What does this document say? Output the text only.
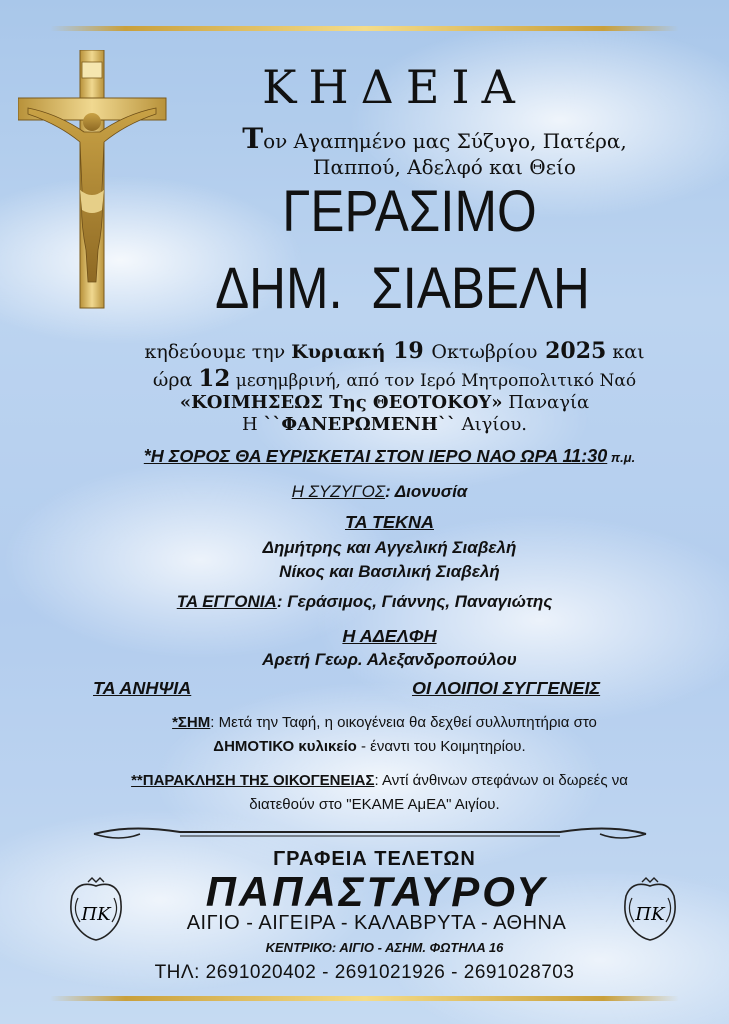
ΚΗΔΕΙΑ
Τον Αγαπημένο μας Σύζυγο, Πατέρα,
Παππού, Αδελφό και Θείο
ΓΕΡΑΣΙΜΟ
ΔΗΜ.  ΣΙΑΒΕΛΗ
κηδεύουμε την Κυριακή 19 Οκτωβρίου 2025 και
ώρα 12 μεσημβρινή, από τον Ιερό Μητροπολιτικό Ναό
«ΚΟΙΜΗΣΕΩΣ Της ΘΕΟΤΟΚΟΥ» Παναγία
Η ``ΦΑΝΕΡΩΜΕΝΗ`` Αιγίου.
*Η ΣΟΡΟΣ ΘΑ ΕΥΡΙΣΚΕΤΑΙ ΣΤΟΝ ΙΕΡΟ ΝΑΟ ΩΡΑ 11:30 π.μ.
Η ΣΥΖΥΓΟΣ: Διονυσία
ΤΑ ΤΕΚΝΑ
Δημήτρης και Αγγελική Σιαβελή
Νίκος και Βασιλική Σιαβελή
ΤΑ ΕΓΓΟΝΙΑ: Γεράσιμος, Γιάννης, Παναγιώτης
Η ΑΔΕΛΦΗ
Αρετή Γεωρ. Αλεξανδροπούλου
ΤΑ ΑΝΗΨΙΑ	ΟΙ ΛΟΙΠΟΙ ΣΥΓΓΕΝΕΙΣ
*ΣΗΜ: Μετά την Ταφή, η οικογένεια θα δεχθεί συλλυπητήρια στο
ΔΗΜΟΤΙΚΟ κυλικείο - έναντι του Κοιμητηρίου.
**ΠΑΡΑΚΛΗΣΗ ΤΗΣ ΟΙΚΟΓΕΝΕΙΑΣ: Αντί άνθινων στεφάνων οι δωρεές να
διατεθούν στο "ΕΚΑΜΕ ΑμΕΑ" Αιγίου.
ΓΡΑΦΕΙΑ ΤΕΛΕΤΩΝ
ΠΑΠΑΣΤΑΥΡΟΥ
ΑΙΓΙΟ - ΑΙΓΕΙΡΑ - ΚΑΛΑΒΡΥΤΑ - ΑΘΗΝΑ
ΚΕΝΤΡΙΚΟ: ΑΙΓΙΟ - ΑΣΗΜ. ΦΩΤΗΛΑ 16
ΤΗΛ: 2691020402 - 2691021926 - 2691028703
ΠΚ	ΠΚ
